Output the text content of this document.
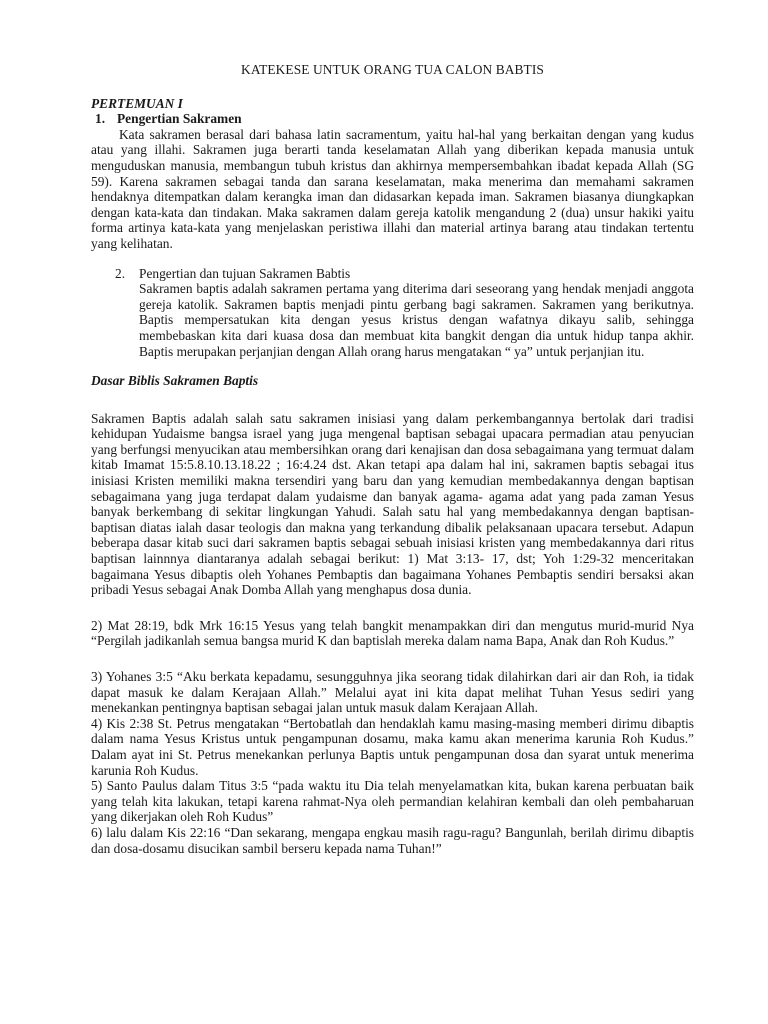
KATEKESE UNTUK ORANG TUA CALON BABTIS
PERTEMUAN I
1. Pengertian Sakramen

Kata sakramen berasal dari bahasa latin sacramentum, yaitu hal-hal yang berkaitan dengan yang kudus atau yang illahi. Sakramen juga berarti tanda keselamatan Allah yang diberikan kepada manusia untuk menguduskan manusia, membangun tubuh kristus dan akhirnya mempersembahkan ibadat kepada Allah (SG 59). Karena sakramen sebagai tanda dan sarana keselamatan, maka menerima dan memahami sakramen hendaknya ditempatkan dalam kerangka iman dan didasarkan kepada iman. Sakramen biasanya diungkapkan dengan kata-kata dan tindakan. Maka sakramen dalam gereja katolik mengandung 2 (dua) unsur hakiki yaitu forma artinya kata-kata yang menjelaskan peristiwa illahi dan material artinya barang atau tindakan tertentu yang kelihatan.

2. Pengertian dan tujuan Sakramen Babtis

Sakramen baptis adalah sakramen pertama yang diterima dari seseorang yang hendak menjadi anggota gereja katolik. Sakramen baptis menjadi pintu gerbang bagi sakramen. Sakramen yang berikutnya. Baptis mempersatukan kita dengan yesus kristus dengan wafatnya dikayu salib, sehingga membebaskan kita dari kuasa dosa dan membuat kita bangkit dengan dia untuk hidup tanpa akhir. Baptis merupakan perjanjian dengan Allah orang harus mengatakan “ ya” untuk perjanjian itu.

Dasar Biblis Sakramen Baptis

Sakramen Baptis adalah salah satu sakramen inisiasi yang dalam perkembangannya bertolak dari tradisi kehidupan Yudaisme bangsa israel yang juga mengenal baptisan sebagai upacara permadian atau penyucian yang berfungsi menyucikan atau membersihkan orang dari kenajisan dan dosa sebagaimana yang termuat dalam kitab Imamat 15:5.8.10.13.18.22 ; 16:4.24 dst. Akan tetapi apa dalam hal ini, sakramen baptis sebagai itus inisiasi Kristen memiliki makna tersendiri yang baru dan yang kemudian membedakannya dengan baptisan sebagaimana yang juga terdapat dalam yudaisme dan banyak agama- agama adat yang pada zaman Yesus banyak berkembang di sekitar lingkungan Yahudi. Salah satu hal yang membedakannya dengan baptisan- baptisan diatas ialah dasar teologis dan makna yang terkandung dibalik pelaksanaan upacara tersebut. Adapun beberapa dasar kitab suci dari sakramen baptis sebagai sebuah inisiasi kristen yang membedakannya dari ritus baptisan lainnnya diantaranya adalah sebagai berikut: 1) Mat 3:13- 17, dst; Yoh 1:29-32 menceritakan bagaimana Yesus dibaptis oleh Yohanes Pembaptis dan bagaimana Yohanes Pembaptis sendiri bersaksi akan pribadi Yesus sebagai Anak Domba Allah yang menghapus dosa dunia.

2) Mat 28:19, bdk Mrk 16:15 Yesus yang telah bangkit menampakkan diri dan mengutus murid-murid Nya “Pergilah jadikanlah semua bangsa murid K dan baptislah mereka dalam nama Bapa, Anak dan Roh Kudus.”

3) Yohanes 3:5 “Aku berkata kepadamu, sesungguhnya jika seorang tidak dilahirkan dari air dan Roh, ia tidak dapat masuk ke dalam Kerajaan Allah.” Melalui ayat ini kita dapat melihat Tuhan Yesus sediri yang menekankan pentingnya baptisan sebagai jalan untuk masuk dalam Kerajaan Allah.

4) Kis 2:38 St. Petrus mengatakan “Bertobatlah dan hendaklah kamu masing-masing memberi dirimu dibaptis dalam nama Yesus Kristus untuk pengampunan dosamu, maka kamu akan menerima karunia Roh Kudus.” Dalam ayat ini St. Petrus menekankan perlunya Baptis untuk pengampunan dosa dan syarat untuk menerima karunia Roh Kudus.

5) Santo Paulus dalam Titus 3:5 “pada waktu itu Dia telah menyelamatkan kita, bukan karena perbuatan baik yang telah kita lakukan, tetapi karena rahmat-Nya oleh permandian kelahiran kembali dan oleh pembaharuan yang dikerjakan oleh Roh Kudus”

6) lalu dalam Kis 22:16 “Dan sekarang, mengapa engkau masih ragu-ragu? Bangunlah, berilah dirimu dibaptis dan dosa-dosamu disucikan sambil berseru kepada nama Tuhan!”
